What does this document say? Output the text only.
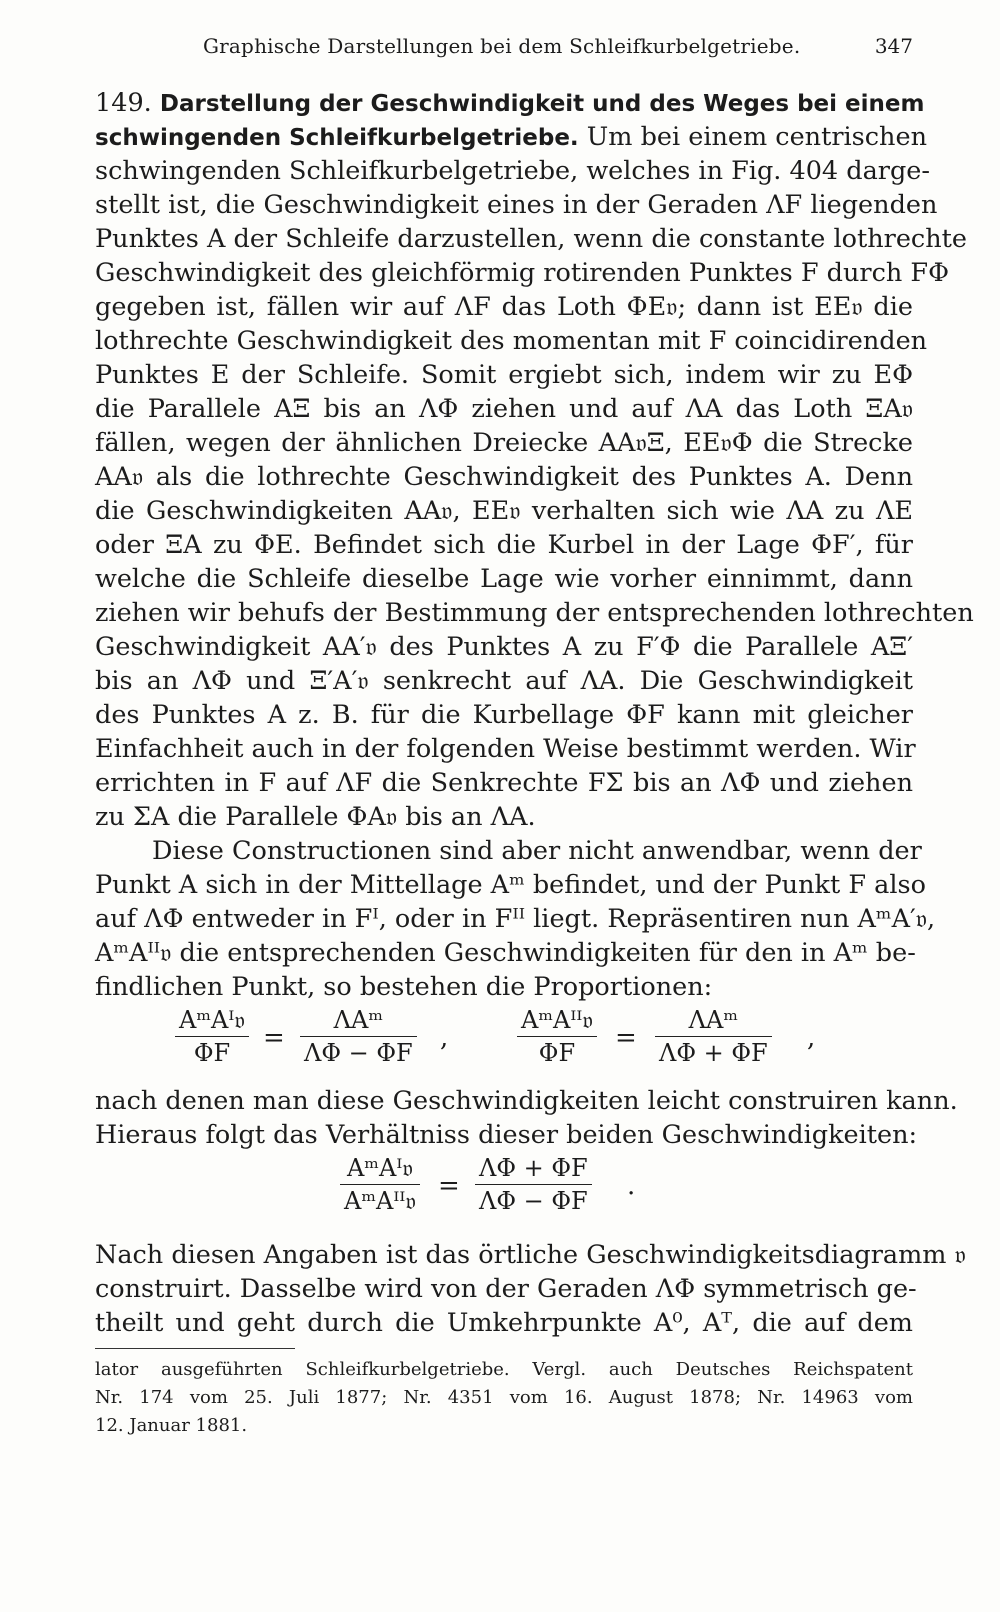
Graphische Darstellungen bei dem Schleifkurbelgetriebe.	347
149. Darstellung der Geschwindigkeit und des Weges bei einem
schwingenden Schleifkurbelgetriebe. Um bei einem centrischen
schwingenden Schleifkurbelgetriebe, welches in Fig. 404 darge-
stellt ist, die Geschwindigkeit eines in der Geraden ΛF liegenden
Punktes A der Schleife darzustellen, wenn die constante lothrechte
Geschwindigkeit des gleichförmig rotirenden Punktes F durch FΦ
gegeben ist, fällen wir auf ΛF das Loth ΦE𝔳; dann ist EE𝔳 die
lothrechte Geschwindigkeit des momentan mit F coincidirenden
Punktes E der Schleife. Somit ergiebt sich, indem wir zu EΦ
die Parallele AΞ bis an ΛΦ ziehen und auf ΛA das Loth ΞA𝔳
fällen, wegen der ähnlichen Dreiecke AA𝔳Ξ, EE𝔳Φ die Strecke
AA𝔳 als die lothrechte Geschwindigkeit des Punktes A. Denn
die Geschwindigkeiten AA𝔳, EE𝔳 verhalten sich wie ΛA zu ΛE
oder ΞA zu ΦE. Befindet sich die Kurbel in der Lage ΦF′, für
welche die Schleife dieselbe Lage wie vorher einnimmt, dann
ziehen wir behufs der Bestimmung der entsprechenden lothrechten
Geschwindigkeit AA′𝔳 des Punktes A zu F′Φ die Parallele AΞ′
bis an ΛΦ und Ξ′A′𝔳 senkrecht auf ΛA. Die Geschwindigkeit
des Punktes A z. B. für die Kurbellage ΦF kann mit gleicher
Einfachheit auch in der folgenden Weise bestimmt werden. Wir
errichten in F auf ΛF die Senkrechte FΣ bis an ΛΦ und ziehen
zu ΣA die Parallele ΦA𝔳 bis an ΛA.
Diese Constructionen sind aber nicht anwendbar, wenn der
Punkt A sich in der Mittellage Aᵐ befindet, und der Punkt F also
auf ΛΦ entweder in Fᴵ, oder in Fᴵᴵ liegt. Repräsentiren nun AᵐA′𝔳,
AᵐAᴵᴵ𝔳 die entsprechenden Geschwindigkeiten für den in Aᵐ be-
findlichen Punkt, so bestehen die Proportionen:
AᵐAᴵ𝔳
ΦF	=
ΛAᵐ
ΛΦ − ΦF ,
AᵐAᴵᴵ𝔳
ΦF	=
ΛAᵐ
ΛΦ + ΦF ,
nach denen man diese Geschwindigkeiten leicht construiren kann.
Hieraus folgt das Verhältniss dieser beiden Geschwindigkeiten:
AᵐAᴵ𝔳
AᵐAᴵᴵ𝔳 = $\frac{\Lambda\Phi + \Phi F}{\Lambda\Phi - \Phi F}$ .
Nach diesen Angaben ist das örtliche Geschwindigkeitsdiagramm 𝔳
construirt. Dasselbe wird von der Geraden ΛΦ symmetrisch ge-
theilt und geht durch die Umkehrpunkte A⁰, Aᵀ, die auf dem
lator ausgeführten Schleifkurbelgetriebe. Vergl. auch Deutsches Reichspatent
Nr. 174 vom 25. Juli 1877; Nr. 4351 vom 16. August 1878; Nr. 14963 vom
12. Januar 1881.
